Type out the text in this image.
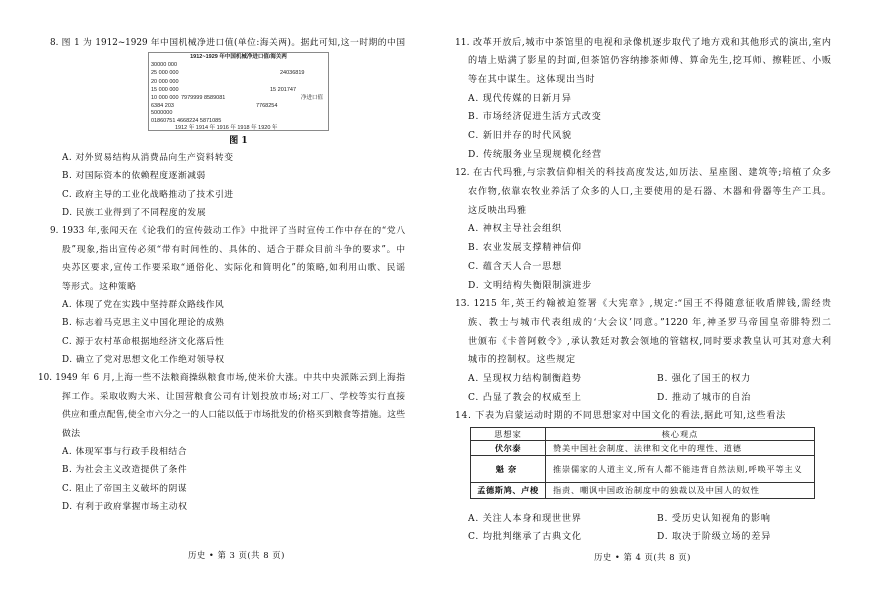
8. 图 1 为 1912~1929 年中国机械净进口值(单位:海关两)。据此可知,这一时期的中国
1912~1929 年中国机械净进口值/海关两
30000 000
25 000 000
20 000 000
15 000 000
10 000 000
5000000
0
24036819
15 201747
7979999 8589081
6384 203	7768254
1860751 4668224 5871085
净进口值
1912 年 1914 年 1916 年 1918 年 1920 年
图 1
A. 对外贸易结构从消费品向生产资料转变
B. 对国际资本的依赖程度逐渐减弱
C. 政府主导的工业化战略推动了技术引进
D. 民族工业得到了不同程度的发展
9. 1933 年,张闻天在《论我们的宣传鼓动工作》中批评了当时宣传工作中存在的“党八
股”现象,指出宣传必须“带有时间性的、具体的、适合于群众目前斗争的要求”。中
央苏区要求,宣传工作要采取“通俗化、实际化和简明化”的策略,如利用山歌、民谣
等形式。这种策略
A. 体现了党在实践中坚持群众路线作风
B. 标志着马克思主义中国化理论的成熟
C. 源于农村革命根据地经济文化落后性
D. 确立了党对思想文化工作绝对领导权
10. 1949 年 6 月,上海一些不法粮商操纵粮食市场,使米价大涨。中共中央派陈云到上海指
挥工作。采取收购大米、让国营粮食公司有计划投放市场;对工厂、学校等实行直接
供应和重点配售,使全市六分之一的人口能以低于市场批发的价格买到粮食等措施。这些
做法
A. 体现军事与行政手段相结合
B. 为社会主义改造提供了条件
C. 阻止了帝国主义破坏的阴谋
D. 有利于政府掌握市场主动权
历史 • 第 3 页(共 8 页)
11. 改革开放后,城市中茶馆里的电视和录像机逐步取代了地方戏和其他形式的演出,室内
的墙上贴满了影星的封面,但茶馆仍容纳掺茶师傅、算命先生,挖耳师、擦鞋匠、小贩
等在其中谋生。这体现出当时
A. 现代传媒的日新月异
B. 市场经济促进生活方式改变
C. 新旧并存的时代风貌
D. 传统服务业呈现规模化经营
12. 在古代玛雅,与宗教信仰相关的科技高度发达,如历法、星座图、建筑等;培植了众多
农作物,依靠农牧业养活了众多的人口,主要使用的是石器、木器和骨器等生产工具。
这反映出玛雅
A. 神权主导社会组织
B. 农业发展支撑精神信仰
C. 蕴含天人合一思想
D. 文明结构失衡限制演进步
13. 1215 年,英王约翰被迫签署《大宪章》,规定:“国王不得随意征收盾牌钱,需经贵
族、教士与城市代表组成的‘大会议’同意。”1220 年,神圣罗马帝国皇帝腓特烈二
世颁布《卡普阿敕令》,承认教廷对教会领地的管辖权,同时要求教皇认可其对意大利
城市的控制权。这些规定
A. 呈现权力结构制衡趋势	B. 强化了国王的权力
C. 凸显了教会的权威至上	D. 推动了城市的自治
14. 下表为启蒙运动时期的不同思想家对中国文化的看法,据此可知,这些看法
思想家	核心观点
伏尔泰	赞美中国社会制度、法律和文化中的理性、道德
魁奈	推崇儒家的人道主义,所有人都不能违背自然法则,呼唤平等主义
孟德斯鸠、卢梭	指责、嘲讽中国政治制度中的独裁以及中国人的奴性
A. 关注人本身和现世世界	B. 受历史认知视角的影响
C. 均批判继承了古典文化	D. 取决于阶级立场的差异
历史 • 第 4 页(共 8 页)
